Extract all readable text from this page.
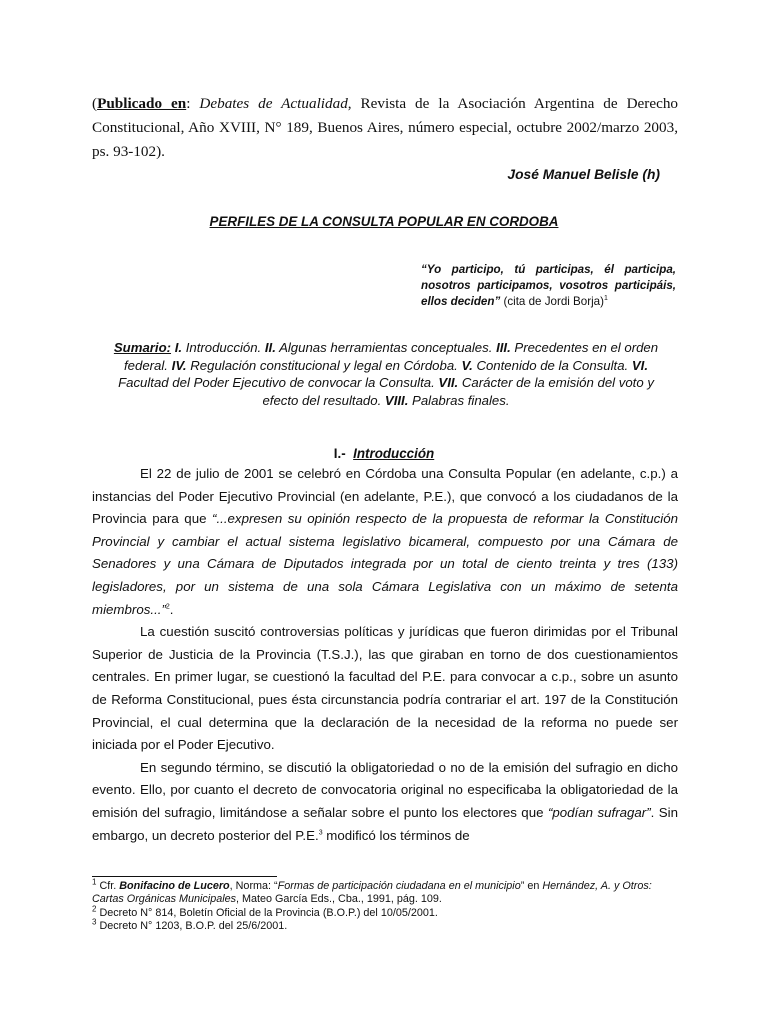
(Publicado en: Debates de Actualidad, Revista de la Asociación Argentina de Derecho Constitucional, Año XVIII, N° 189, Buenos Aires, número especial, octubre 2002/marzo 2003, ps. 93-102).
José Manuel Belisle (h)
PERFILES DE LA CONSULTA POPULAR EN CORDOBA
“Yo participo, tú participas, él participa, nosotros participamos, vosotros participáis, ellos deciden” (cita de Jordi Borja)$^1$
Sumario: I. Introducción. II. Algunas herramientas conceptuales. III. Precedentes en el orden federal. IV. Regulación constitucional y legal en Córdoba. V. Contenido de la Consulta. VI. Facultad del Poder Ejecutivo de convocar la Consulta. VII. Carácter de la emisión del voto y efecto del resultado. VIII. Palabras finales.
I.- Introducción

El 22 de julio de 2001 se celebró en Córdoba una Consulta Popular (en adelante, c.p.) a instancias del Poder Ejecutivo Provincial (en adelante, P.E.), que convocó a los ciudadanos de la Provincia para que “...expresen su opinión respecto de la propuesta de reformar la Constitución Provincial y cambiar el actual sistema legislativo bicameral, compuesto por una Cámara de Senadores y una Cámara de Diputados integrada por un total de ciento treinta y tres (133) legisladores, por un sistema de una sola Cámara Legislativa con un máximo de setenta miembros...”$^2$.

La cuestión suscitó controversias políticas y jurídicas que fueron dirimidas por el Tribunal Superior de Justicia de la Provincia (T.S.J.), las que giraban en torno de dos cuestionamientos centrales. En primer lugar, se cuestionó la facultad del P.E. para convocar a c.p., sobre un asunto de Reforma Constitucional, pues ésta circunstancia podría contrariar el art. 197 de la Constitución Provincial, el cual determina que la declaración de la necesidad de la reforma no puede ser iniciada por el Poder Ejecutivo.

En segundo término, se discutió la obligatoriedad o no de la emisión del sufragio en dicho evento. Ello, por cuanto el decreto de convocatoria original no especificaba la obligatoriedad de la emisión del sufragio, limitándose a señalar sobre el punto los electores que “podían sufragar”. Sin embargo, un decreto posterior del P.E.$^3$ modificó los términos de

$^1$ Cfr. Bonifacino de Lucero, Norma: “Formas de participación ciudadana en el municipio” en Hernández, A. y Otros: Cartas Orgánicas Municipales, Mateo García Eds., Cba., 1991, pág. 109.

$^2$ Decreto N° 814, Boletín Oficial de la Provincia (B.O.P.) del 10/05/2001.

$^3$ Decreto N° 1203, B.O.P. del 25/6/2001.
